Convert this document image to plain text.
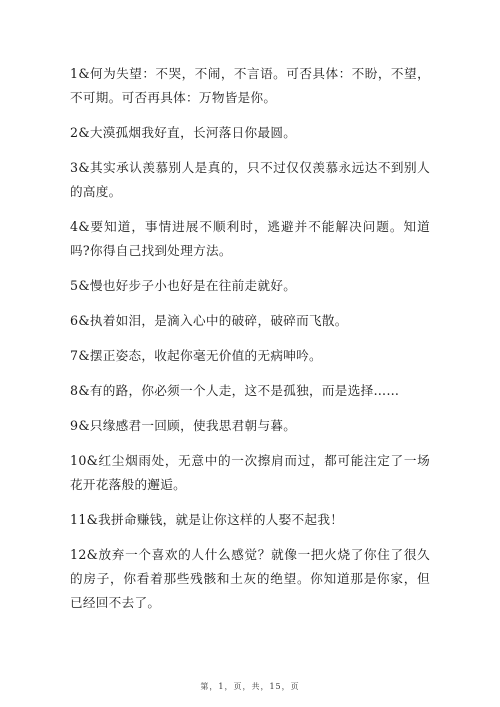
1&何为失望：不哭，不闹，不言语。可否具体：不盼，不望，不可期。可否再具体：万物皆是你。

2&大漠孤烟我好直，长河落日你最圆。

3&其实承认羡慕别人是真的，只不过仅仅羡慕永远达不到别人的高度。

4&要知道，事情进展不顺利时，逃避并不能解决问题。知道吗?你得自己找到处理方法。

5&慢也好步子小也好是在往前走就好。

6&执着如泪，是滴入心中的破碎，破碎而飞散。

7&摆正姿态，收起你毫无价值的无病呻吟。

8&有的路，你必须一个人走，这不是孤独，而是选择……

9&只缘感君一回顾，使我思君朝与暮。

10&红尘烟雨处，无意中的一次擦肩而过，都可能注定了一场花开花落般的邂逅。

11&我拼命赚钱，就是让你这样的人娶不起我！

12&放弃一个喜欢的人什么感觉？就像一把火烧了你住了很久的房子，你看着那些残骸和土灰的绝望。你知道那是你家，但已经回不去了。

第，1，页，共，15，页
